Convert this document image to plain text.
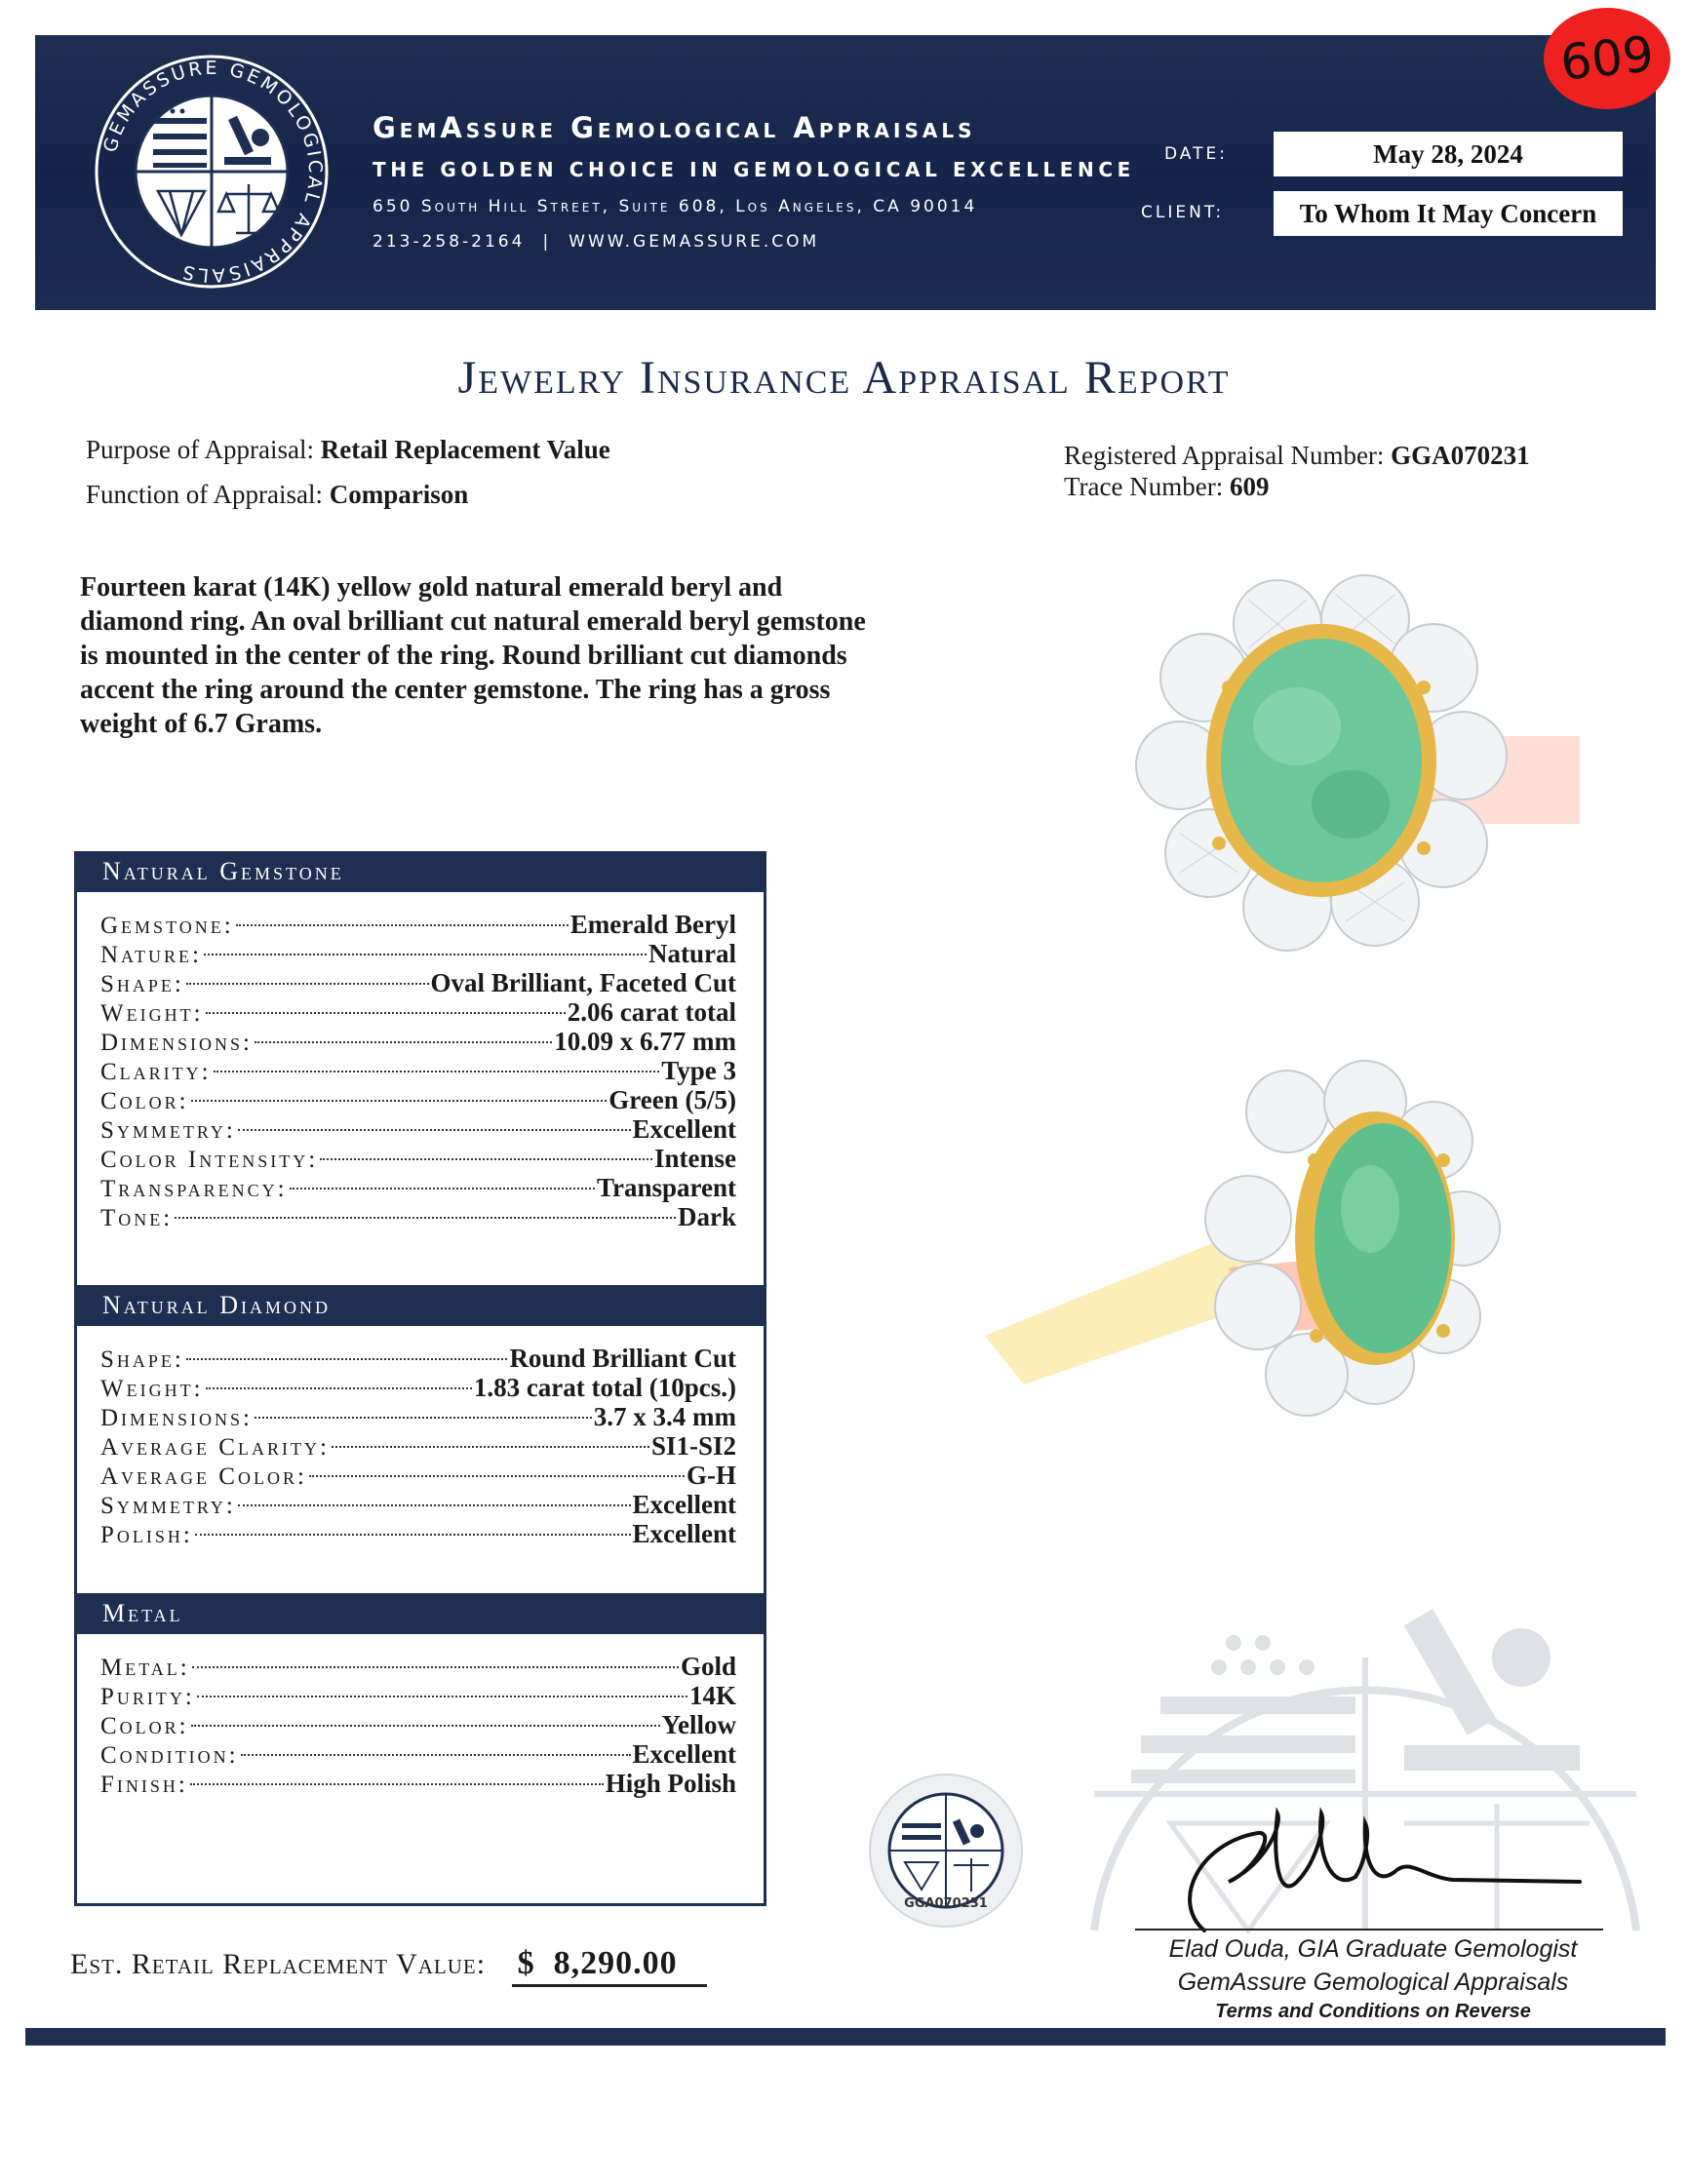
GEMASSURE GEMOLOGICAL APPRAISALS
GemAssure Gemological Appraisals
THE GOLDEN CHOICE IN GEMOLOGICAL EXCELLENCE
650 South Hill Street, Suite 608, Los Angeles, CA 90014
213-258-2164 | WWW.GEMASSURE.COM
DATE:	May 28, 2024
CLIENT:	To Whom It May Concern
609
Jewelry Insurance Appraisal Report
Purpose of Appraisal: Retail Replacement Value
Function of Appraisal: Comparison
Registered Appraisal Number: GGA070231
Trace Number: 609
Fourteen karat (14K) yellow gold natural emerald beryl and diamond ring. An oval brilliant cut natural emerald beryl gemstone is mounted in the center of the ring. Round brilliant cut diamonds accent the ring around the center gemstone. The ring has a gross weight of 6.7 Grams.
Natural Gemstone
Gemstone:	Emerald Beryl
Nature:	Natural
Shape:	Oval Brilliant, Faceted Cut
Weight:	2.06 carat total
Dimensions:	10.09 x 6.77 mm
Clarity:	Type 3
Color:	Green (5/5)
Symmetry:	Excellent
Color Intensity:	Intense
Transparency:	Transparent
Tone:	Dark
Natural Diamond
Shape:	Round Brilliant Cut
Weight:	1.83 carat total (10pcs.)
Dimensions:	3.7 x 3.4 mm
Average Clarity:	SI1-SI2
Average Color:	G-H
Symmetry:	Excellent
Polish:	Excellent
Metal
Metal:	Gold
Purity:	14K
Color:	Yellow
Condition:	Excellent
Finish:	High Polish
Est. Retail Replacement Value: $ 8,290.00
GGA070231
Elad Ouda, GIA Graduate Gemologist
GemAssure Gemological Appraisals
Terms and Conditions on Reverse
